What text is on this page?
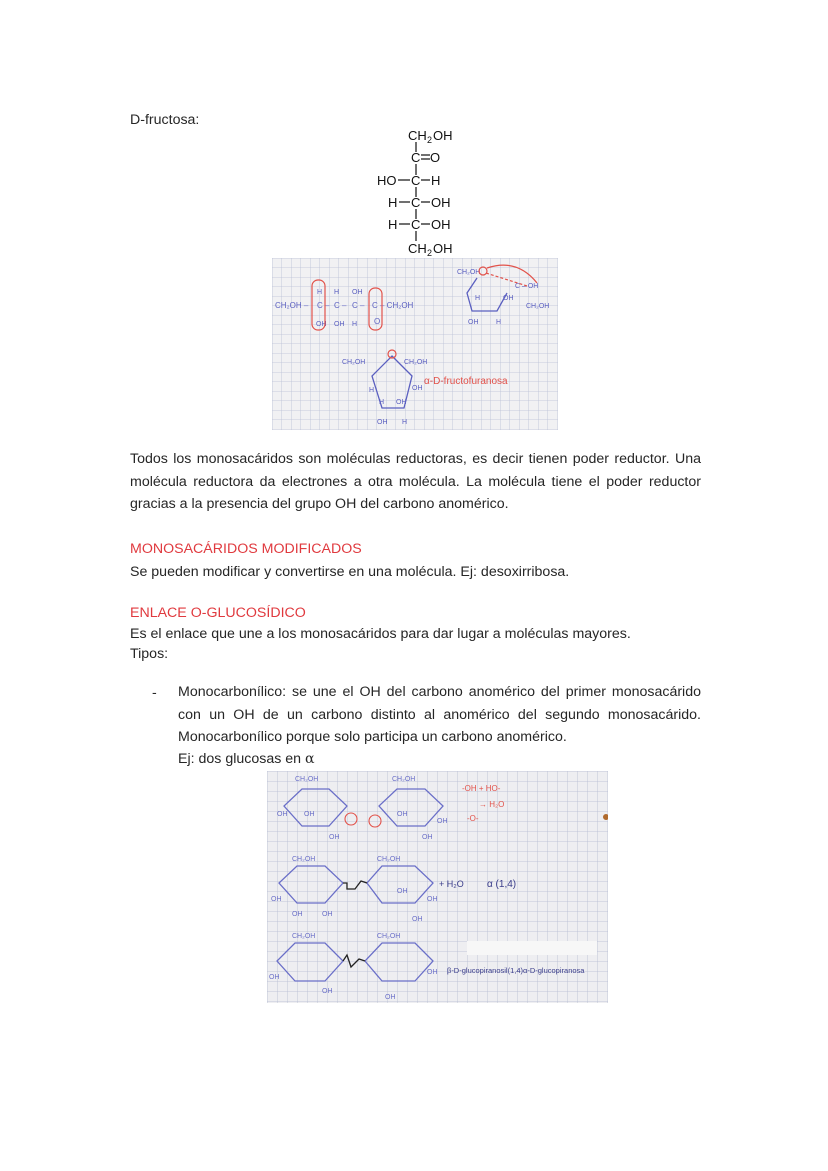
D-fructosa:
CH 2 OH
C O
HO C H
H C OH
H C OH
CH 2 OH
CH₂OH – C – C – C – C – CH₂OH
H
OH
H
OH
OH
H O
CH₂OH
H	OH
OH	H
CH₂OH
C – OH
CH₂OH	CH₂OH
H	OH
H OH
OH H
α-D-fructofuranosa
Todos los monosacáridos son moléculas reductoras, es decir tienen poder reductor. Una molécula reductora da electrones a otra molécula. La molécula tiene el poder reductor gracias a la presencia del grupo OH del carbono anomérico.
MONOSACÁRIDOS MODIFICADOS
Se pueden modificar y convertirse en una molécula. Ej: desoxirribosa.
ENLACE O-GLUCOSÍDICO
Es el enlace que une a los monosacáridos para dar lugar a moléculas mayores.
Tipos:
- Monocarbonílico: se une el OH del carbono anomérico del primer monosacárido con un OH de un carbono distinto al anomérico del segundo monosacárido. Monocarbonílico porque solo participa un carbono anomérico.
Ej: dos glucosas en α
CH₂OH	CH₂OH
OH OH
OH
OH
OH
OH
CH₂OH	CH₂OH
OH
OH	OH
OH
OH
OH
CH₂OH	CH₂OH
OH
OH
OH
OH
-OH + HO-
→ H₂O
-O-
+ H₂O α (1,4)
β-D-glucopiranosil(1,4)α-D-glucopiranosa
